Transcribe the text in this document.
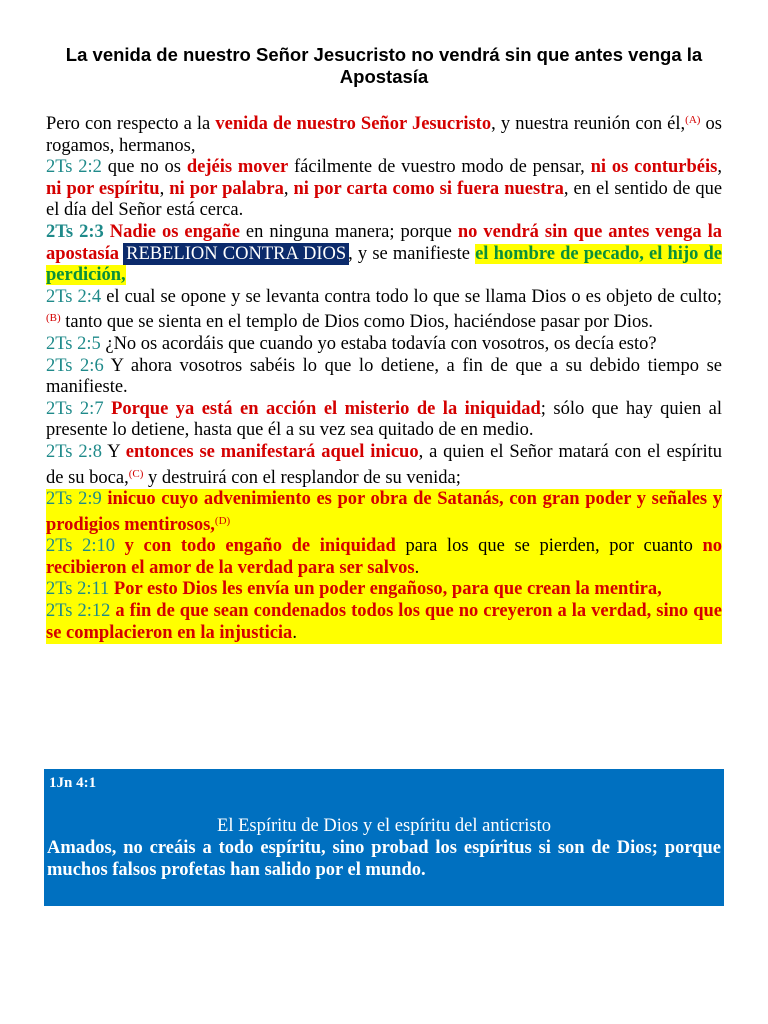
La venida de nuestro Señor Jesucristo no vendrá sin que antes venga la Apostasía

Pero con respecto a la venida de nuestro Señor Jesucristo, y nuestra reunión con él,$^{(A)}$ os rogamos, hermanos,

2Ts 2:2 que no os dejéis mover fácilmente de vuestro modo de pensar, ni os conturbéis, ni por espíritu, ni por palabra, ni por carta como si fuera nuestra, en el sentido de que el día del Señor está cerca.

2Ts 2:3 Nadie os engañe en ninguna manera; porque no vendrá sin que antes venga la apostasía REBELION CONTRA DIOS , y se manifieste el hombre de pecado, el hijo de perdición,

2Ts 2:4 el cual se opone y se levanta contra todo lo que se llama Dios o es objeto de culto;$^{(B)}$ tanto que se sienta en el templo de Dios como Dios, haciéndose pasar por Dios.

2Ts 2:5 ¿No os acordáis que cuando yo estaba todavía con vosotros, os decía esto?

2Ts 2:6 Y ahora vosotros sabéis lo que lo detiene, a fin de que a su debido tiempo se manifieste.

2Ts 2:7 Porque ya está en acción el misterio de la iniquidad; sólo que hay quien al presente lo detiene, hasta que él a su vez sea quitado de en medio.

2Ts 2:8 Y entonces se manifestará aquel inicuo, a quien el Señor matará con el espíritu de su boca,$^{(C)}$ y destruirá con el resplandor de su venida;

2Ts 2:9 inicuo cuyo advenimiento es por obra de Satanás, con gran poder y señales y prodigios mentirosos,$^{(D)}$

2Ts 2:10 y con todo engaño de iniquidad para los que se pierden, por cuanto no recibieron el amor de la verdad para ser salvos.

2Ts 2:11 Por esto Dios les envía un poder engañoso, para que crean la mentira,

2Ts 2:12 a fin de que sean condenados todos los que no creyeron a la verdad, sino que se complacieron en la injusticia.

1Jn 4:1
El Espíritu de Dios y el espíritu del anticristo
Amados, no creáis a todo espíritu, sino probad los espíritus si son de Dios; porque muchos falsos profetas han salido por el mundo.
